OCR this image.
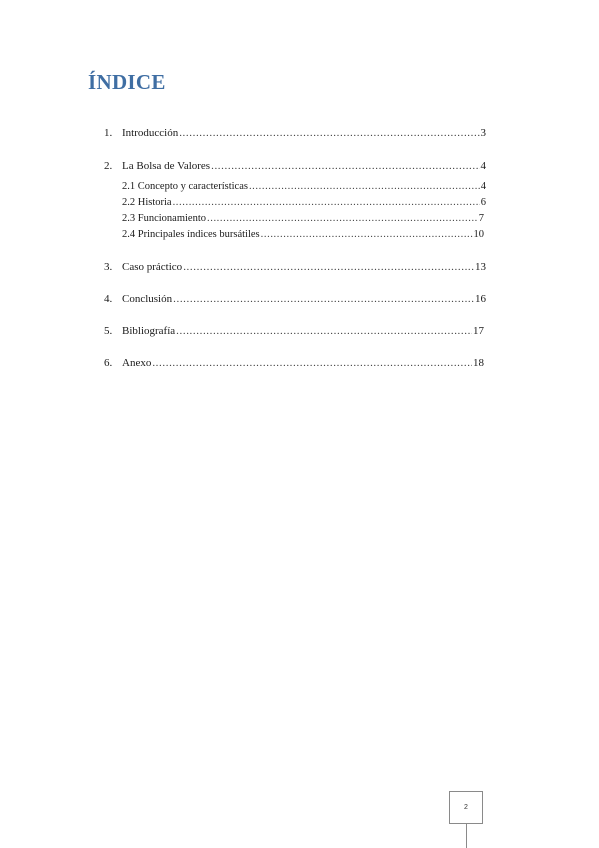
ÍNDICE
1. Introducción .....	3
2. La Bolsa de Valores .....	4
2.1 Concepto y características .....	4
2.2 Historia .....	6
2.3 Funcionamiento .....	7
2.4 Principales índices bursátiles .....	10
3. Caso práctico .....	13
4. Conclusión .....	16
5. Bibliografía .....	17
6. Anexo .....	18
2
